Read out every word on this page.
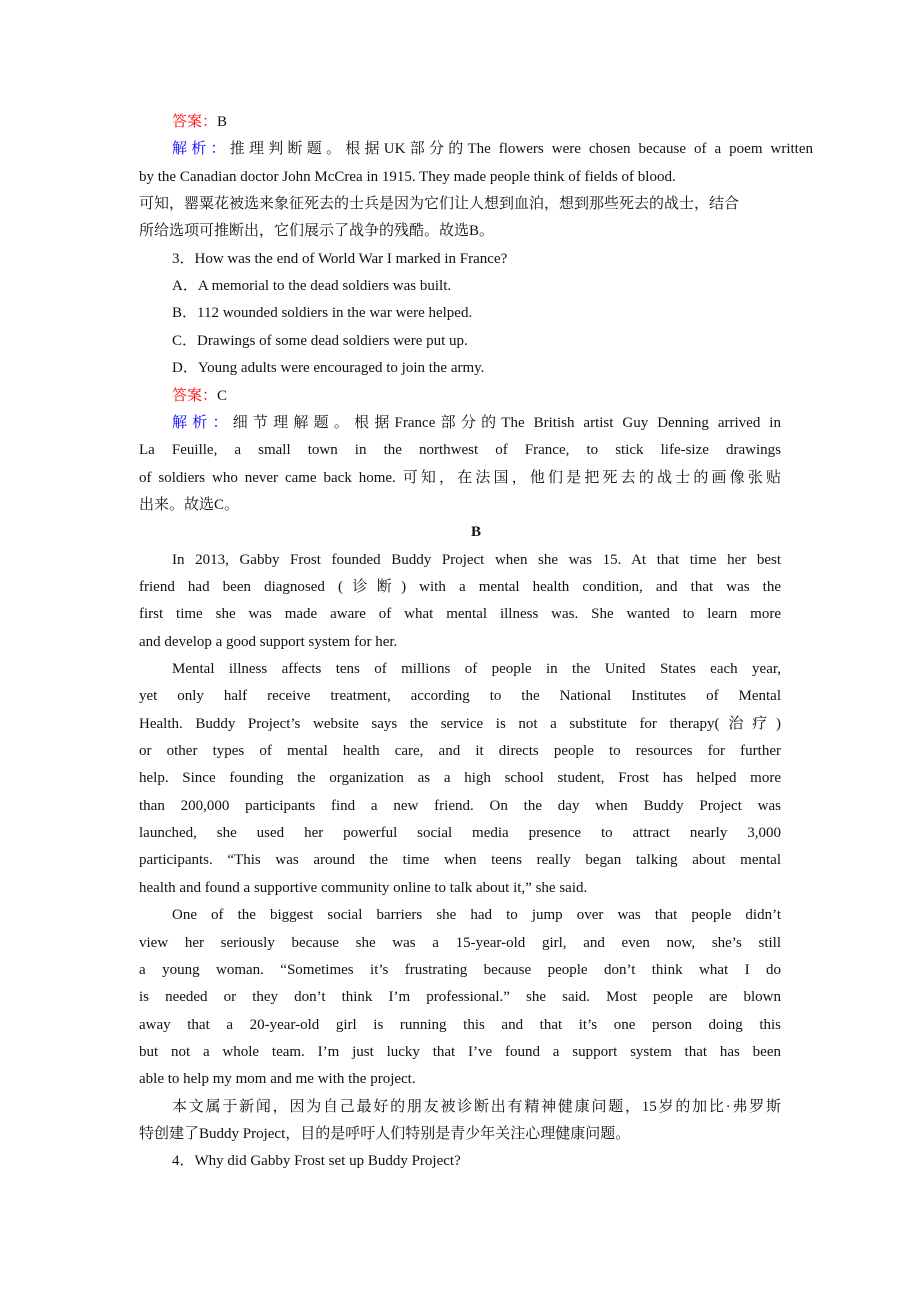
答案：B
解析：推理判断题。根据UK部分的The flowers were chosen because of a poem written
by the Canadian doctor John McCrea in 1915. They made people think of fields of blood.
可知，罂粟花被选来象征死去的士兵是因为它们让人想到血泊，想到那些死去的战士，结合
所给选项可推断出，它们展示了战争的残酷。故选B。
3．How was the end of World War I marked in France?
A．A memorial to the dead soldiers was built.
B．112 wounded soldiers in the war were helped.
C．Drawings of some dead soldiers were put up.
D．Young adults were encouraged to join the army.
答案：C
解析：细节理解题。根据France部分的The British artist Guy Denning arrived in
La Feuille, a small town in the northwest of France, to stick life-size drawings
of soldiers who never came back home. 可知，在法国，他们是把死去的战士的画像张贴
出来。故选C。
B
In 2013, Gabby Frost founded Buddy Project when she was 15. At that time her best
friend had been diagnosed (诊断) with a mental health condition, and that was the
first time she was made aware of what mental illness was. She wanted to learn more
and develop a good support system for her.
Mental illness affects tens of millions of people in the United States each year,
yet only half receive treatment, according to the National Institutes of Mental
Health. Buddy Project’s website says the service is not a substitute for therapy(治疗)
or other types of mental health care, and it directs people to resources for further
help. Since founding the organization as a high school student, Frost has helped more
than 200,000 participants find a new friend. On the day when Buddy Project was
launched, she used her powerful social media presence to attract nearly 3,000
participants. “This was around the time when teens really began talking about mental
health and found a supportive community online to talk about it,” she said.
One of the biggest social barriers she had to jump over was that people didn’t
view her seriously because she was a 15-year-old girl, and even now, she’s still
a young woman. “Sometimes it’s frustrating because people don’t think what I do
is needed or they don’t think I’m professional.” she said. Most people are blown
away that a 20-year-old girl is running this and that it’s one person doing this
but not a whole team. I’m just lucky that I’ve found a support system that has been
able to help my mom and me with the project.
本文属于新闻，因为自己最好的朋友被诊断出有精神健康问题，15岁的加比·弗罗斯
特创建了Buddy Project，目的是呼吁人们特别是青少年关注心理健康问题。
4．Why did Gabby Frost set up Buddy Project?
